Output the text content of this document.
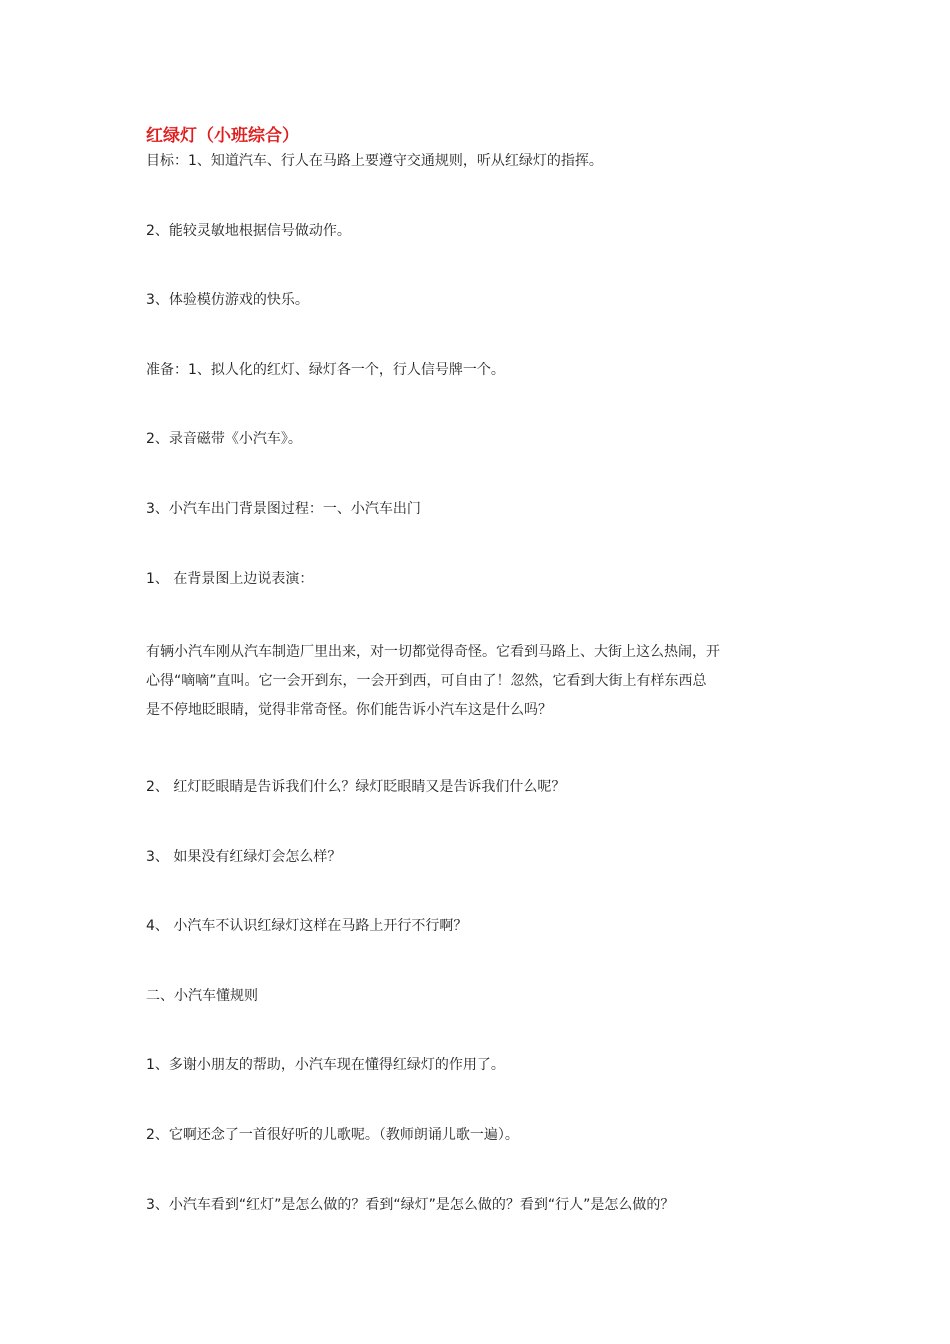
红绿灯（小班综合）
目标：1、知道汽车、行人在马路上要遵守交通规则，听从红绿灯的指挥。
2、能较灵敏地根据信号做动作。
3、体验模仿游戏的快乐。
准备：1、拟人化的红灯、绿灯各一个，行人信号牌一个。
2、录音磁带《小汽车》。
3、小汽车出门背景图过程：一、小汽车出门
1、 在背景图上边说表演：
有辆小汽车刚从汽车制造厂里出来，对一切都觉得奇怪。它看到马路上、大街上这么热闹，开
心得“嘀嘀”直叫。它一会开到东，一会开到西，可自由了！忽然，它看到大街上有样东西总
是不停地眨眼睛，觉得非常奇怪。你们能告诉小汽车这是什么吗？
2、 红灯眨眼睛是告诉我们什么？绿灯眨眼睛又是告诉我们什么呢？
3、 如果没有红绿灯会怎么样？
4、 小汽车不认识红绿灯这样在马路上开行不行啊？
二、小汽车懂规则
1、多谢小朋友的帮助，小汽车现在懂得红绿灯的作用了。
2、它啊还念了一首很好听的儿歌呢。（教师朗诵儿歌一遍）。
3、小汽车看到“红灯”是怎么做的？看到“绿灯”是怎么做的？看到“行人”是怎么做的？
